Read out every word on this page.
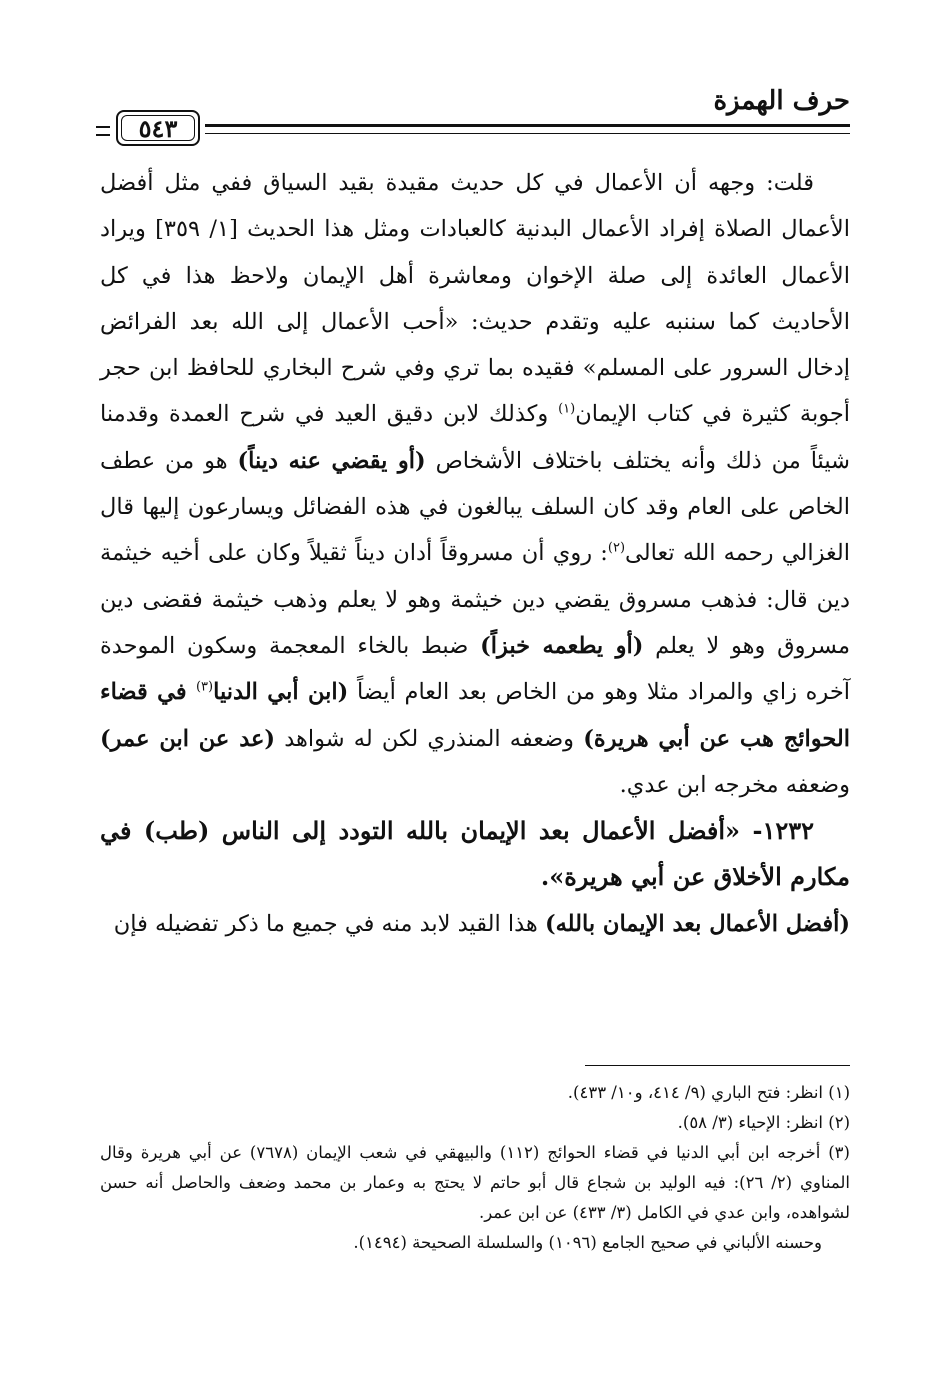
حرف الهمزة
٥٤٣

قلت: وجهه أن الأعمال في كل حديث مقيدة بقيد السياق ففي مثل أفضل الأعمال الصلاة إفراد الأعمال البدنية كالعبادات ومثل هذا الحديث [١/ ٣٥٩] ويراد الأعمال العائدة إلى صلة الإخوان ومعاشرة أهل الإيمان ولاحظ هذا في كل الأحاديث كما سننبه عليه وتقدم حديث: «أحب الأعمال إلى الله بعد الفرائض إدخال السرور على المسلم» فقيده بما تري وفي شرح البخاري للحافظ ابن حجر أجوبة كثيرة في كتاب الإيمان$^{(١)}$ وكذلك لابن دقيق العيد في شرح العمدة وقدمنا شيئاً من ذلك وأنه يختلف باختلاف الأشخاص (أو يقضي عنه ديناً) هو من عطف الخاص على العام وقد كان السلف يبالغون في هذه الفضائل ويسارعون إليها قال الغزالي رحمه الله تعالى$^{(٢)}$: روي أن مسروقاً أدان ديناً ثقيلاً وكان على أخيه خيثمة دين قال: فذهب مسروق يقضي دين خيثمة وهو لا يعلم وذهب خيثمة فقضى دين مسروق وهو لا يعلم (أو يطعمه خبزاً) ضبط بالخاء المعجمة وسكون الموحدة آخره زاي والمراد مثلا وهو من الخاص بعد العام أيضاً (ابن أبي الدنيا$^{(٣)}$ في قضاء الحوائج هب عن أبي هريرة) وضعفه المنذري لكن له شواهد (عد عن ابن عمر) وضعفه مخرجه ابن عدي.

١٢٣٢- «أفضل الأعمال بعد الإيمان بالله التودد إلى الناس (طب) في مكارم الأخلاق عن أبي هريرة».

(أفضل الأعمال بعد الإيمان بالله) هذا القيد لابد منه في جميع ما ذكر تفضيله فإن

(١) انظر: فتح الباري (٩/ ٤١٤، و١٠/ ٤٣٣).

(٢) انظر: الإحياء (٣/ ٥٨).

(٣) أخرجه ابن أبي الدنيا في قضاء الحوائج (١١٢) والبيهقي في شعب الإيمان (٧٦٧٨) عن أبي هريرة وقال المناوي (٢/ ٢٦): فيه الوليد بن شجاع قال أبو حاتم لا يحتج به وعمار بن محمد وضعف والحاصل أنه حسن لشواهده، وابن عدي في الكامل (٣/ ٤٣٣) عن ابن عمر.

وحسنه الألباني في صحيح الجامع (١٠٩٦) والسلسلة الصحيحة (١٤٩٤).
